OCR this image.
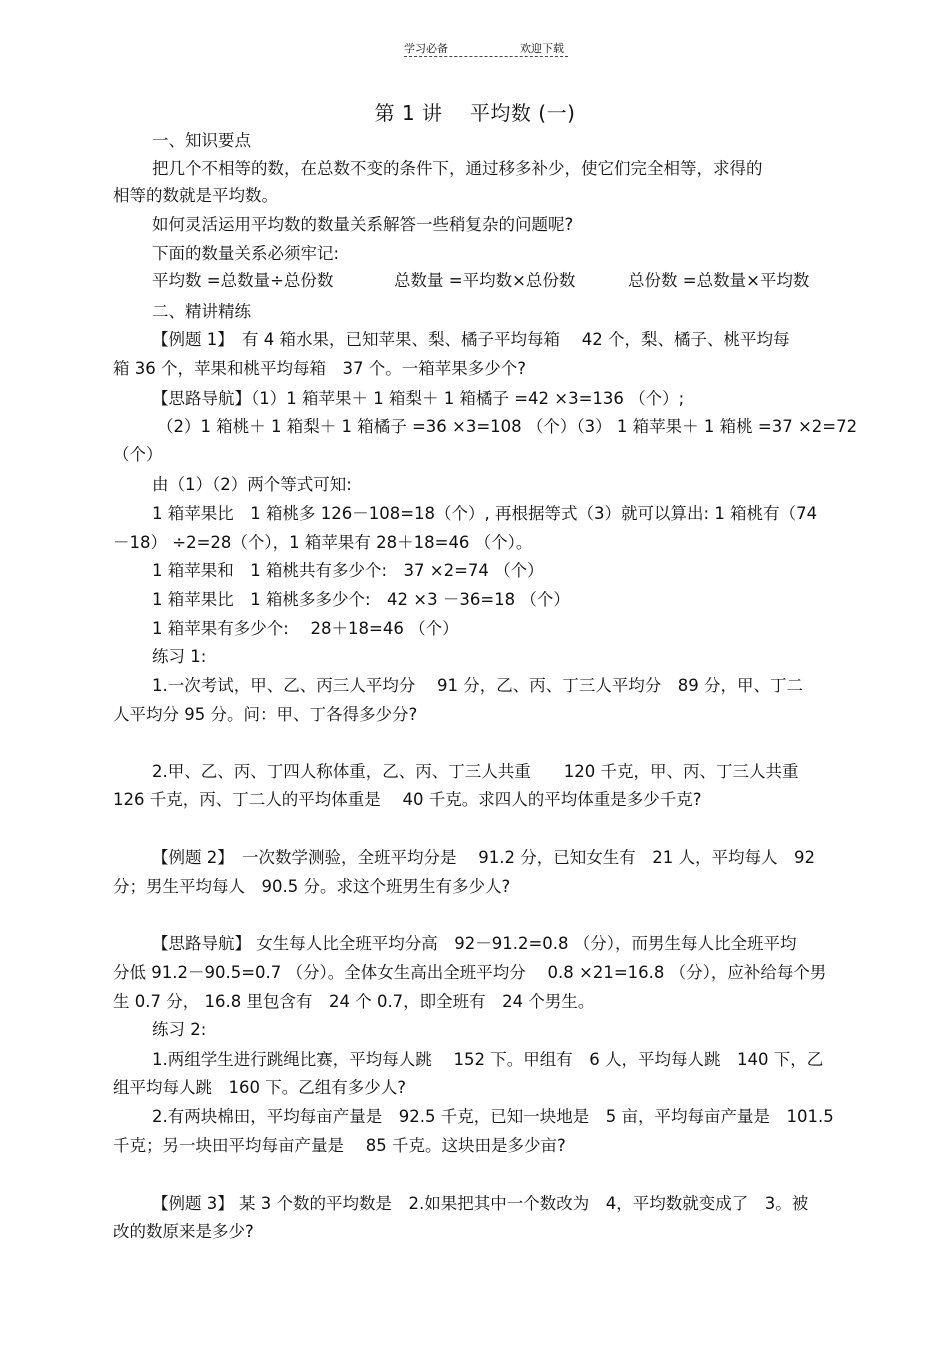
学习必备	欢迎下载
第 1 讲　 平均数 (一)
一、知识要点
把几个不相等的数，在总数不变的条件下，通过移多补少，使它们完全相等，求得的
相等的数就是平均数。
如何灵活运用平均数的数量关系解答一些稍复杂的问题呢?
下面的数量关系必须牢记:
平均数 =总数量÷总份数	总数量 =平均数×总份数	总份数 =总数量×平均数
二、精讲精练
【例题 1】　有 4 箱水果，已知苹果、梨、橘子平均每箱　 42 个，梨、橘子、桃平均每
箱 36 个，苹果和桃平均每箱　37 个。一箱苹果多少个?
【思路导航】（1）1 箱苹果＋ 1 箱梨＋ 1 箱橘子 =42 ×3=136 （个）;
（2）1 箱桃＋ 1 箱梨＋ 1 箱橘子 =36 ×3=108 （个）（3） 1 箱苹果＋ 1 箱桃 =37 ×2=72
（个）
由（1）（2）两个等式可知:
1 箱苹果比　1 箱桃多 126－108=18（个）, 再根据等式（3）就可以算出: 1 箱桃有（74
－18） ÷2=28（个），1 箱苹果有 28＋18=46 （个）。
1 箱苹果和　1 箱桃共有多少个:　37 ×2=74 （个）
1 箱苹果比　1 箱桃多多少个:　42 ×3 －36=18 （个）
1 箱苹果有多少个:　 28＋18=46 （个）
练习 1:
1.一次考试，甲、乙、丙三人平均分　 91 分，乙、丙、丁三人平均分　89 分，甲、丁二
人平均分 95 分。问：甲、丁各得多少分?
2.甲、乙、丙、丁四人称体重，乙、丙、丁三人共重　　120 千克，甲、丙、丁三人共重
126 千克，丙、丁二人的平均体重是　 40 千克。求四人的平均体重是多少千克?
【例题 2】　一次数学测验，全班平均分是　 91.2 分，已知女生有　21 人，平均每人　92
分；男生平均每人　90.5 分。求这个班男生有多少人?
【思路导航】 女生每人比全班平均分高　92－91.2=0.8 （分），而男生每人比全班平均
分低 91.2－90.5=0.7 （分）。全体女生高出全班平均分　 0.8 ×21=16.8 （分），应补给每个男
生 0.7 分， 16.8 里包含有　24 个 0.7，即全班有　24 个男生。
练习 2:
1.两组学生进行跳绳比赛，平均每人跳　 152 下。甲组有　6 人，平均每人跳　140 下，乙
组平均每人跳　160 下。乙组有多少人?
2.有两块棉田，平均每亩产量是　92.5 千克，已知一块地是　5 亩，平均每亩产量是　101.5
千克；另一块田平均每亩产量是　 85 千克。这块田是多少亩?
【例题 3】 某 3 个数的平均数是　2.如果把其中一个数改为　4，平均数就变成了　3。被
改的数原来是多少?
